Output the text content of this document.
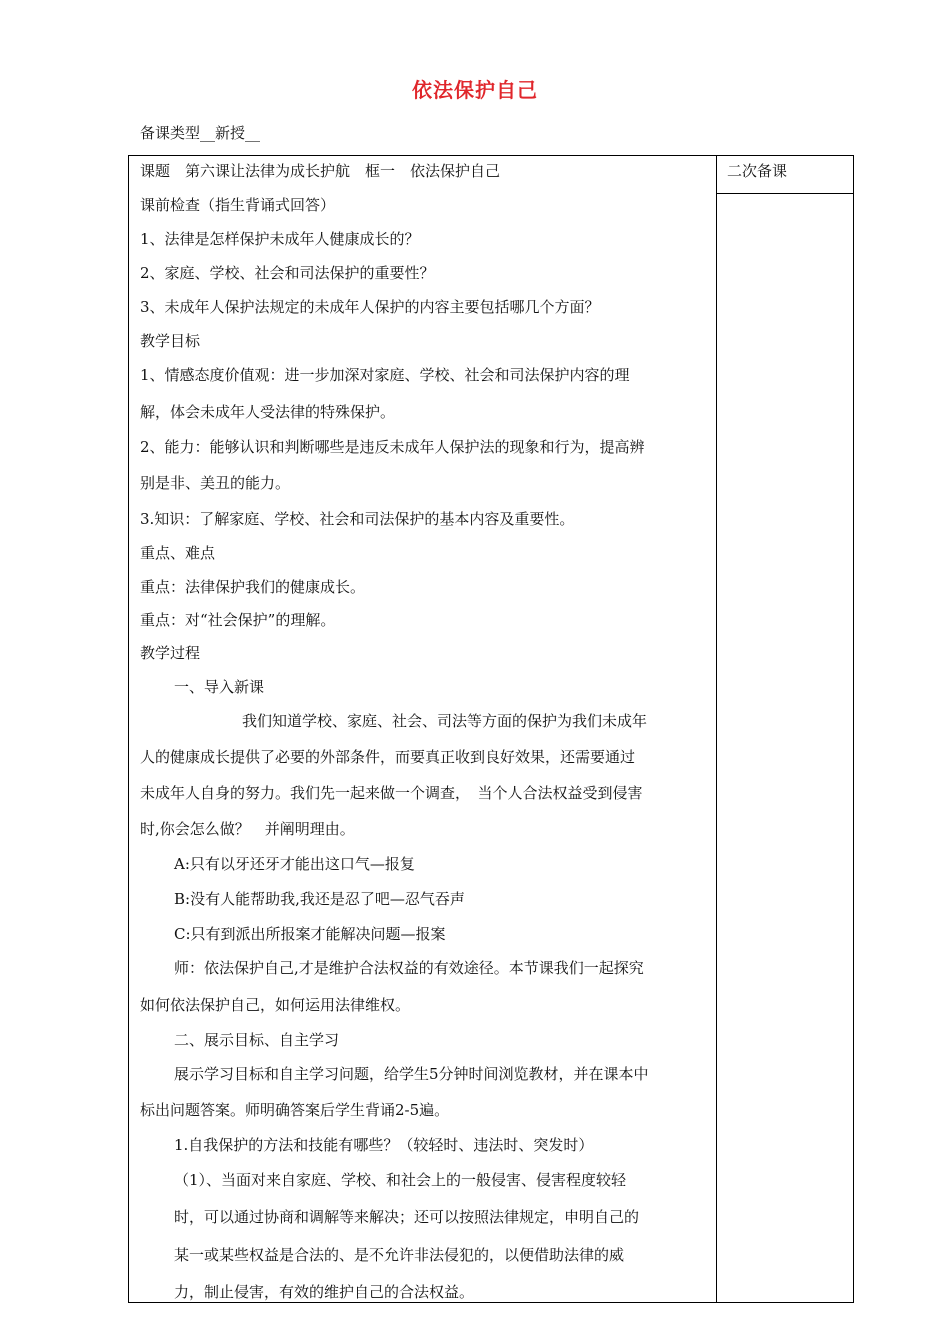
依法保护自己
备课类型__新授__
二次备课
课题　第六课让法律为成长护航　框一　依法保护自己
课前检查（指生背诵式回答）
1、法律是怎样保护未成年人健康成长的？
2、家庭、学校、社会和司法保护的重要性？
3、未成年人保护法规定的未成年人保护的内容主要包括哪几个方面？
教学目标
1、情感态度价值观：进一步加深对家庭、学校、社会和司法保护内容的理
解，体会未成年人受法律的特殊保护。
2、能力：能够认识和判断哪些是违反未成年人保护法的现象和行为，提高辨
别是非、美丑的能力。
3.知识：了解家庭、学校、社会和司法保护的基本内容及重要性。
重点、难点
重点：法律保护我们的健康成长。
重点：对“社会保护”的理解。
教学过程
一、导入新课
我们知道学校、家庭、社会、司法等方面的保护为我们未成年
人的健康成长提供了必要的外部条件，而要真正收到良好效果，还需要通过
未成年人自身的努力。我们先一起来做一个调查，　当个人合法权益受到侵害
时,你会怎么做？　并阐明理由。
A:只有以牙还牙才能出这口气—报复
B:没有人能帮助我,我还是忍了吧—忍气吞声
C:只有到派出所报案才能解决问题—报案
师：依法保护自己,才是维护合法权益的有效途径。本节课我们一起探究
如何依法保护自己，如何运用法律维权。
二、展示目标、自主学习
展示学习目标和自主学习问题，给学生5分钟时间浏览教材，并在课本中
标出问题答案。师明确答案后学生背诵2-5遍。
1.自我保护的方法和技能有哪些？（较轻时、违法时、突发时）
（1）、当面对来自家庭、学校、和社会上的一般侵害、侵害程度较轻
时，可以通过协商和调解等来解决；还可以按照法律规定，申明自己的
某一或某些权益是合法的、是不允许非法侵犯的，以便借助法律的威
力，制止侵害，有效的维护自己的合法权益。
